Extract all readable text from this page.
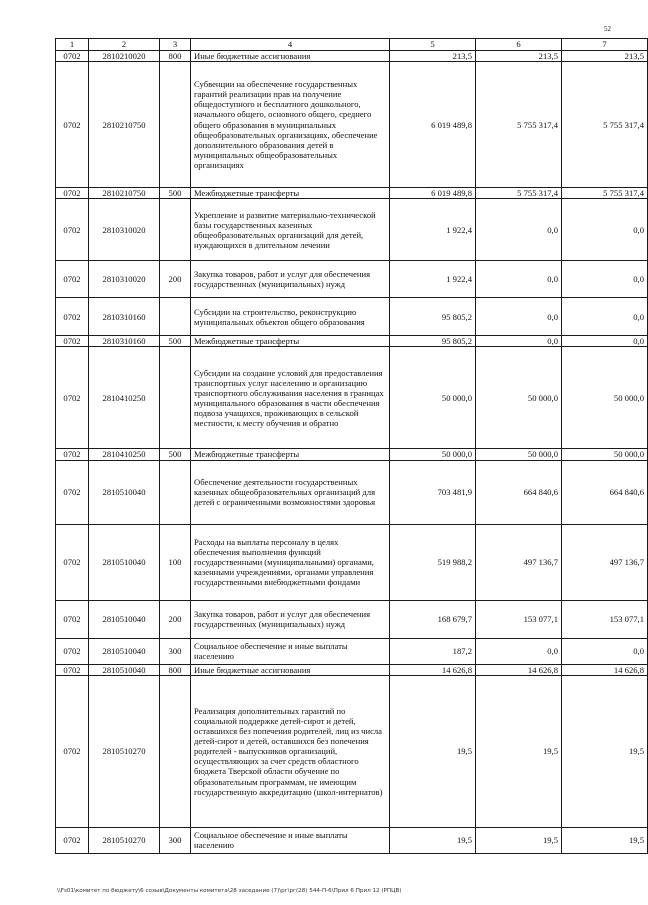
52
1	2	3	4	5	6	7
0702	2810210020	800	Иные бюджетные ассигнования	213,5	213,5	213,5
0702	2810210750		Субвенции на обеспечение государственных гарантий реализации прав на получение общедоступного и бесплатного дошкольного, начального общего, основного общего, среднего общего образования в муниципальных общеобразовательных организациях, обеспечение дополнительного образования детей в муниципальных общеобразовательных организациях	6 019 489,8	5 755 317,4	5 755 317,4
0702	2810210750	500	Межбюджетные трансферты	6 019 489,8	5 755 317,4	5 755 317,4
0702	2810310020		Укрепление и развитие материально-технической базы государственных казенных общеобразовательных организаций для детей, нуждающихся в длительном лечении	1 922,4	0,0	0,0
0702	2810310020	200	Закупка товаров, работ и услуг для обеспечения государственных (муниципальных) нужд	1 922,4	0,0	0,0
0702	2810310160		Субсидии на строительство, реконструкцию муниципальных объектов общего образования	95 805,2	0,0	0,0
0702	2810310160	500	Межбюджетные трансферты	95 805,2	0,0	0,0
0702	2810410250		Субсидии на создание условий для предоставления транспортных услуг населению и организацию транспортного обслуживания населения в границах муниципального образования в части обеспечения подвоза учащихся, проживающих в сельской местности, к месту обучения и обратно	50 000,0	50 000,0	50 000,0
0702	2810410250	500	Межбюджетные трансферты	50 000,0	50 000,0	50 000,0
0702	2810510040		Обеспечение деятельности государственных казенных общеобразовательных организаций для детей с ограниченными возможностями здоровья	703 481,9	664 840,6	664 840,6
0702	2810510040	100	Расходы на выплаты персоналу в целях обеспечения выполнения функций государственными (муниципальными) органами, казенными учреждениями, органами управления государственными внебюджетными фондами	519 988,2	497 136,7	497 136,7
0702	2810510040	200	Закупка товаров, работ и услуг для обеспечения государственных (муниципальных) нужд	168 679,7	153 077,1	153 077,1
0702	2810510040	300	Социальное обеспечение и иные выплаты населению	187,2	0,0	0,0
0702	2810510040	800	Иные бюджетные ассигнования	14 626,8	14 626,8	14 626,8
0702	2810510270		Реализация дополнительных гарантий по социальной поддержке детей-сирот и детей, оставшихся без попечения родителей, лиц из числа детей-сирот и детей, оставшихся без попечения родителей - выпускников организаций, осуществляющих за счет средств областного бюджета Тверской области обучение по образовательным программам, не имеющим государственную аккредитацию (школ-интернатов)	19,5	19,5	19,5
0702	2810510270	300	Социальное обеспечение и иные выплаты населению	19,5	19,5	19,5
\\Fs01\комитет по бюджету\6 созыв\Документы комитета\28 заседание (7)\рг\рг(28) 544-П-6\Прил 6 Прил 12 (РПЦВ)
